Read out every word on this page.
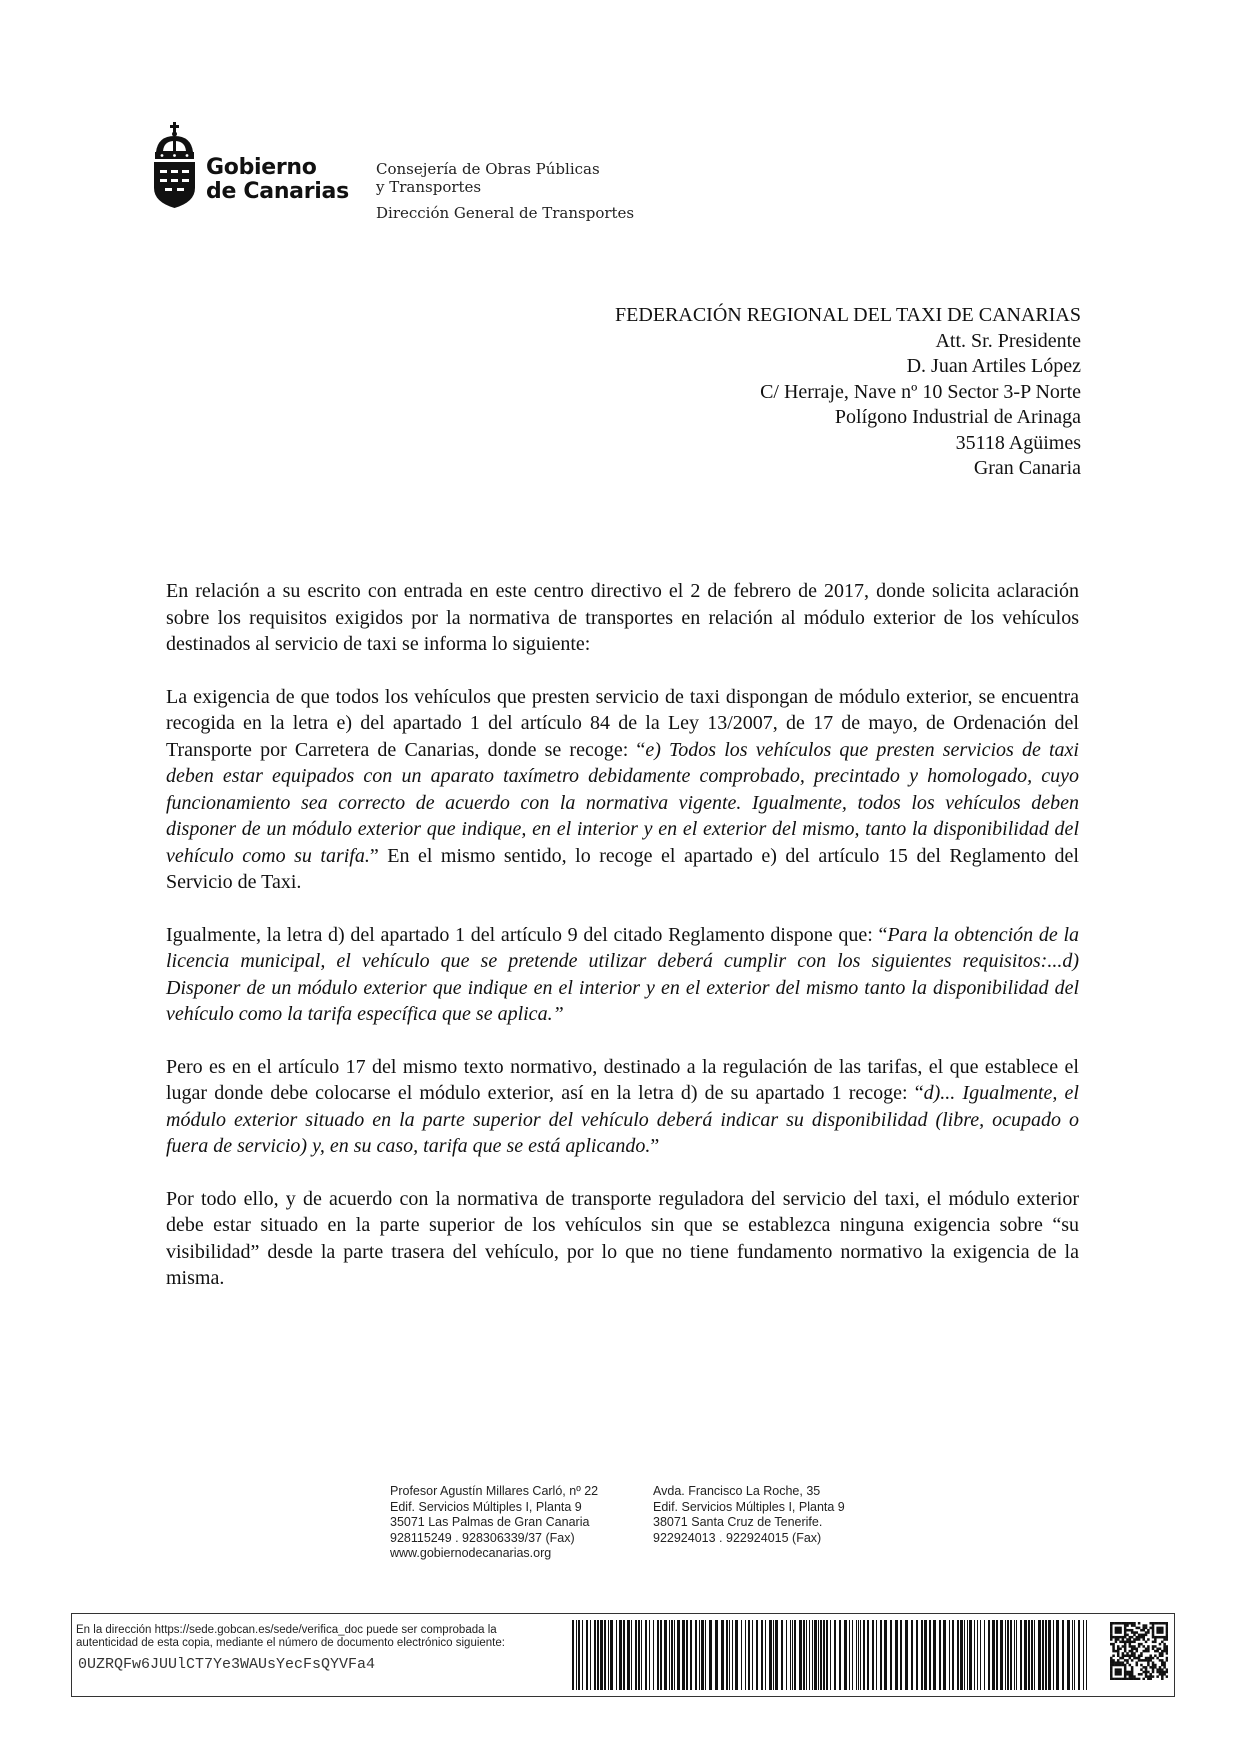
Gobierno
de Canarias
Consejería de Obras Públicas
y Transportes
Dirección General de Transportes
FEDERACIÓN REGIONAL DEL TAXI DE CANARIAS
Att. Sr. Presidente
D. Juan Artiles López
C/ Herraje, Nave nº 10 Sector 3-P Norte
Polígono Industrial de Arinaga
35118 Agüimes
Gran Canaria

En relación a su escrito con entrada en este centro directivo el 2 de febrero de 2017, donde solicita aclaración sobre los requisitos exigidos por la normativa de transportes en relación al módulo exterior de los vehículos destinados al servicio de taxi se informa lo siguiente:

La exigencia de que todos los vehículos que presten servicio de taxi dispongan de módulo exterior, se encuentra recogida en la letra e) del apartado 1 del artículo 84 de la Ley 13/2007, de 17 de mayo, de Ordenación del Transporte por Carretera de Canarias, donde se recoge: “e) Todos los vehículos que presten servicios de taxi deben estar equipados con un aparato taxímetro debidamente comprobado, precintado y homologado, cuyo funcionamiento sea correcto de acuerdo con la normativa vigente. Igualmente, todos los vehículos deben disponer de un módulo exterior que indique, en el interior y en el exterior del mismo, tanto la disponibilidad del vehículo como su tarifa.” En el mismo sentido, lo recoge el apartado e) del artículo 15 del Reglamento del Servicio de Taxi.

Igualmente, la letra d) del apartado 1 del artículo 9 del citado Reglamento dispone que: “Para la obtención de la licencia municipal, el vehículo que se pretende utilizar deberá cumplir con los siguientes requisitos:...d) Disponer de un módulo exterior que indique en el interior y en el exterior del mismo tanto la disponibilidad del vehículo como la tarifa específica que se aplica.”

Pero es en el artículo 17 del mismo texto normativo, destinado a la regulación de las tarifas, el que establece el lugar donde debe colocarse el módulo exterior, así en la letra d) de su apartado 1 recoge: “d)... Igualmente, el módulo exterior situado en la parte superior del vehículo deberá indicar su disponibilidad (libre, ocupado o fuera de servicio) y, en su caso, tarifa que se está aplicando.”

Por todo ello, y de acuerdo con la normativa de transporte reguladora del servicio del taxi, el módulo exterior debe estar situado en la parte superior de los vehículos sin que se establezca ninguna exigencia sobre “su visibilidad” desde la parte trasera del vehículo, por lo que no tiene fundamento normativo la exigencia de la misma.

Profesor Agustín Millares Carló, nº 22
Edif. Servicios Múltiples I, Planta 9
35071 Las Palmas de Gran Canaria
928115249 . 928306339/37 (Fax)
www.gobiernodecanarias.org
Avda. Francisco La Roche, 35
Edif. Servicios Múltiples I, Planta 9
38071 Santa Cruz de Tenerife.
922924013 . 922924015 (Fax)
En la dirección https://sede.gobcan.es/sede/verifica_doc puede ser comprobada la autenticidad de esta copia, mediante el número de documento electrónico siguiente:
0UZRQFw6JUUlCT7Ye3WAUsYecFsQYVFa4
